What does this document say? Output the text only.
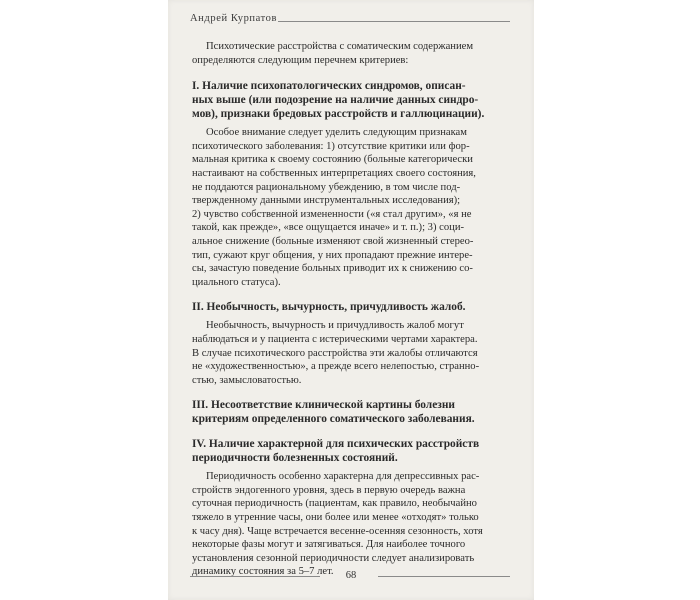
Андрей Курпатов

Психотические расстройства с соматическим содержанием
определяются следующим перечнем критериев:

I. Наличие психопатологических синдромов, описан-
ных выше (или подозрение на наличие данных синдро-
мов), признаки бредовых расстройств и галлюцинации).

Особое внимание следует уделить следующим признакам
психотического заболевания: 1) отсутствие критики или фор-
мальная критика к своему состоянию (больные категорически
настаивают на собственных интерпретациях своего состояния,
не поддаются рациональному убеждению, в том числе под-
твержденному данными инструментальных исследования);
2) чувство собственной измененности («я стал другим», «я не
такой, как прежде», «все ощущается иначе» и т. п.); 3) соци-
альное снижение (больные изменяют свой жизненный стерео-
тип, сужают круг общения, у них пропадают прежние интере-
сы, зачастую поведение больных приводит их к снижению со-
циального статуса).

II. Необычность, вычурность, причудливость жалоб.

Необычность, вычурность и причудливость жалоб могут
наблюдаться и у пациента с истерическими чертами характера.
В случае психотического расстройства эти жалобы отличаются
не «художественностью», а прежде всего нелепостью, странно-
стью, замысловатостью.

III. Несоответствие клинической картины болезни
критериям определенного соматического заболевания.
IV. Наличие характерной для психических расстройств
периодичности болезненных состояний.

Периодичность особенно характерна для депрессивных рас-
стройств эндогенного уровня, здесь в первую очередь важна
суточная периодичность (пациентам, как правило, необычайно
тяжело в утренние часы, они более или менее «отходят» только
к часу дня). Чаще встречается весенне-осенняя сезонность, хотя
некоторые фазы могут и затягиваться. Для наиболее точного
установления сезонной периодичности следует анализировать
динамику состояния за 5–7 лет.	68
